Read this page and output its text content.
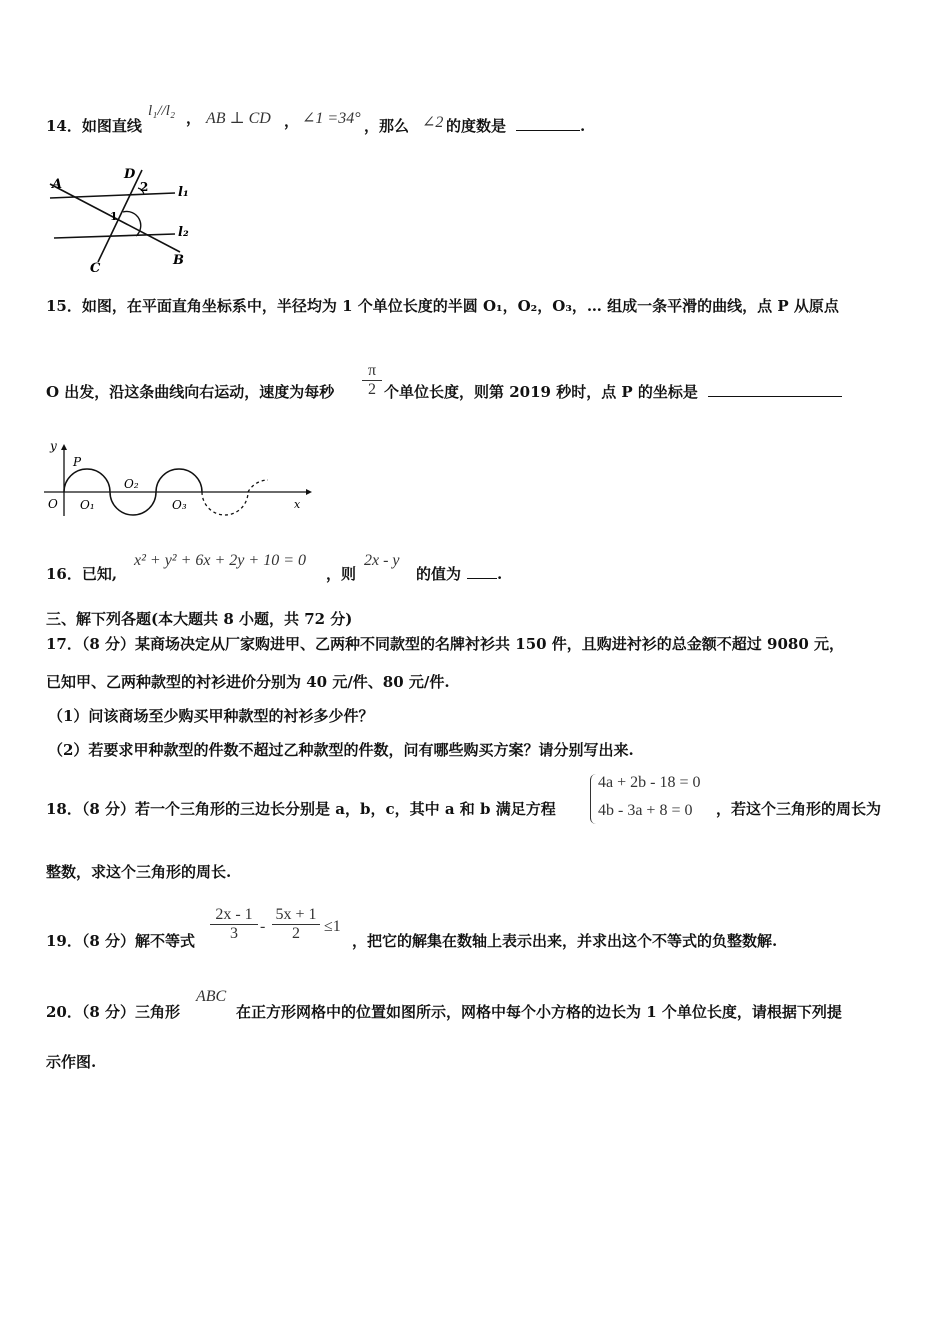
14．如图直线
l₁//l₂ ， AB ⊥ CD ， ∠1 =34° ，那么 ∠2 的度数是	.
A
D
2 l₁
1
l₂
C
B
15．如图，在平面直角坐标系中，半径均为 1 个单位长度的半圆 O₁，O₂，O₃，… 组成一条平滑的曲线，点 P 从原点
O 出发，沿这条曲线向右运动，速度为每秒 $\frac{\pi}{2}$ 个单位长度，则第 2019 秒时，点 P 的坐标是
y
P
O O₁
O₂
O₃	x
16．已知,
x² + y² + 6x + 2y + 10 = 0
，则
2x - y
的值为	.
三、解下列各题(本大题共 8 小题，共 72 分)
17．（8 分）某商场决定从厂家购进甲、乙两种不同款型的名牌衬衫共 150 件，且购进衬衫的总金额不超过 9080 元，
已知甲、乙两种款型的衬衫进价分别为 40 元/件、80 元/件.
（1）问该商场至少购买甲种款型的衬衫多少件？
（2）若要求甲种款型的件数不超过乙种款型的件数，问有哪些购买方案？请分别写出来.
18．（8 分）若一个三角形的三边长分别是 a，b，c，其中 a 和 b 满足方程
4a + 2b - 18 = 0
4b - 3a + 8 = 0 ，若这个三角形的周长为
整数，求这个三角形的周长.
19．（8 分）解不等式 $\frac{2x - 1}{3} - \frac{5x + 1}{2} \le 1$
，把它的解集在数轴上表示出来，并求出这个不等式的负整数解.
20．（8 分）三角形
ABC
在正方形网格中的位置如图所示，网格中每个小方格的边长为 1 个单位长度，请根据下列提
示作图.
